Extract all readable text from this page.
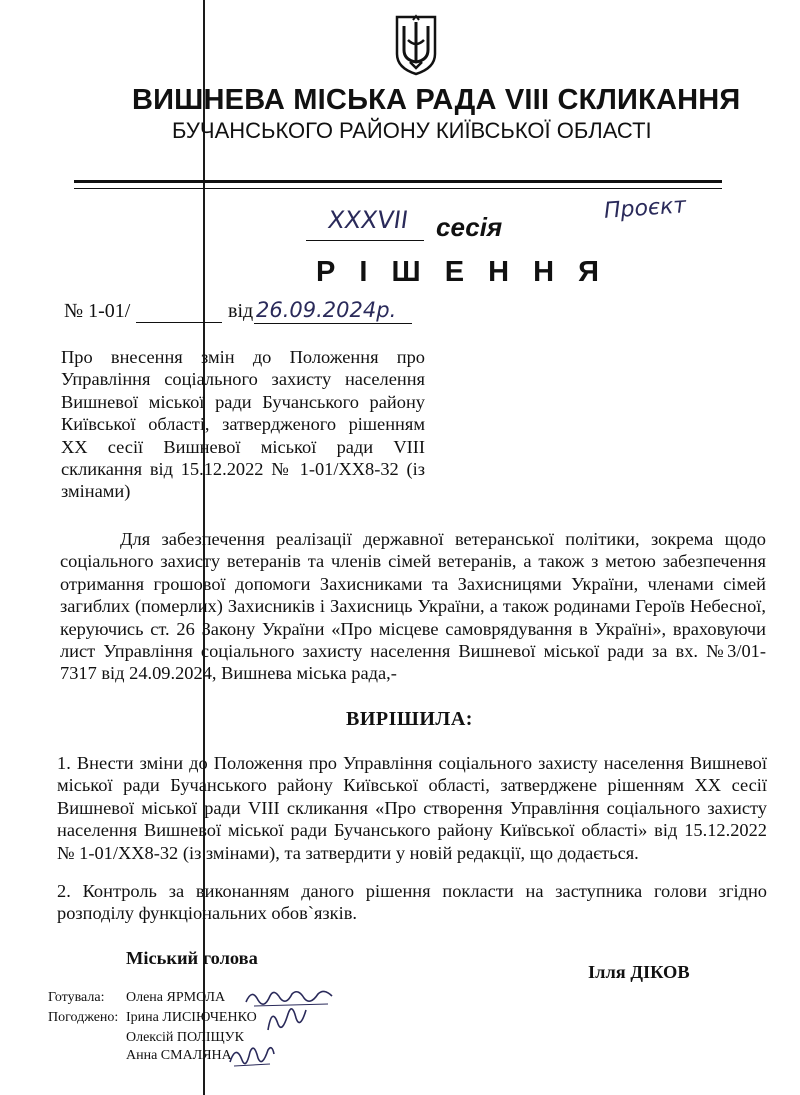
ВИШНЕВА МІСЬКА РАДА VIII СКЛИКАННЯ
БУЧАНСЬКОГО РАЙОНУ КИЇВСЬКОЇ ОБЛАСТІ
XXXVII	сесія
Проєкт
Р І Ш Е Н Н Я
№ 1-01/	від 26.09.2024р.
Про внесення змін до Положення про Управління соціального захисту населення Вишневої міської ради Бучанського району Київської області, затвердженого рішенням XX сесії Вишневої міської ради VIII скликання від 15.12.2022 № 1-01/XX8-32 (із змінами)

Для забезпечення реалізації державної ветеранської політики, зокрема щодо соціального захисту ветеранів та членів сімей ветеранів, а також з метою забезпечення отримання грошової допомоги Захисниками та Захисницями України, членами сімей загиблих (померлих) Захисників і Захисниць України, а також родинами Героїв Небесної, керуючись ст. 26 Закону України «Про місцеве самоврядування в Україні», враховуючи лист Управління соціального захисту населення Вишневої міської ради за вх. №3/01- 7317 від 24.09.2024, Вишнева міська рада,-

ВИРІШИЛА:
1. Внести зміни до Положення про Управління соціального захисту населення Вишневої міської ради Бучанського району Київської області, затверджене рішенням XX сесії Вишневої міської ради VIII скликання «Про створення Управління соціального захисту населення Вишневої міської ради Бучанського району Київської області» від 15.12.2022 № 1-01/XX8-32 (із змінами), та затвердити у новій редакції, що додається.
2. Контроль за виконанням даного рішення покласти на заступника голови згідно розподілу функціональних обов`язків.
Міський голова
Ілля ДІКОВ
Готувала: Олена ЯРМОЛА
Погоджено: Ірина ЛИСІЮЧЕНКО
Олексій ПОЛІЩУК
Анна СМАЛЯНА
